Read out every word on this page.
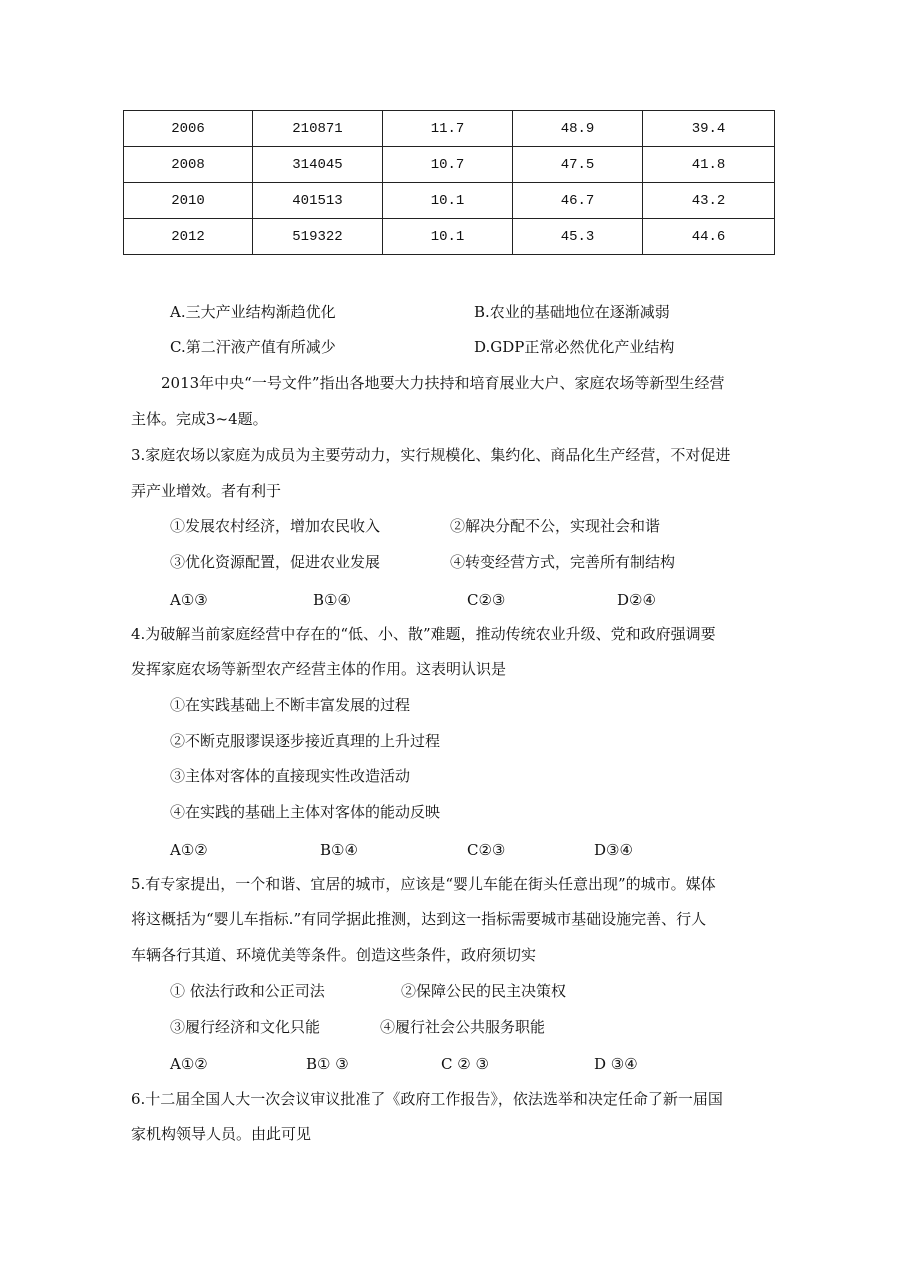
2006	210871	11.7	48.9	39.4
2008	314045	10.7	47.5	41.8
2010	401513	10.1	46.7	43.2
2012	519322	10.1	45.3	44.6
A.三大产业结构渐趋优化	B.农业的基础地位在逐渐减弱
C.第二汗液产值有所减少	D.GDP正常必然优化产业结构
2013年中央“一号文件”指出各地要大力扶持和培育展业大户、家庭农场等新型生经营
主体。完成3~4题。
3.家庭农场以家庭为成员为主要劳动力，实行规模化、集约化、商品化生产经营，不对促进
弄产业增效。者有利于
①发展农村经济，增加农民收入	②解决分配不公，实现社会和谐
③优化资源配置，促进农业发展	④转变经营方式，完善所有制结构
A①③	B①④	C②③	D②④
4.为破解当前家庭经营中存在的“低、小、散”难题，推动传统农业升级、党和政府强调要
发挥家庭农场等新型农产经营主体的作用。这表明认识是
①在实践基础上不断丰富发展的过程
②不断克服谬误逐步接近真理的上升过程
③主体对客体的直接现实性改造活动
④在实践的基础上主体对客体的能动反映
A①②	B①④	C②③	D③④
5.有专家提出，一个和谐、宜居的城市，应该是“婴儿车能在街头任意出现”的城市。媒体
将这概括为“婴儿车指标.”有同学据此推测，达到这一指标需要城市基础设施完善、行人
车辆各行其道、环境优美等条件。创造这些条件，政府须切实
① 依法行政和公正司法	②保障公民的民主决策权
③履行经济和文化只能	④履行社会公共服务职能
A①②	B① ③	C ② ③	D ③④
6.十二届全国人大一次会议审议批准了《政府工作报告》，依法选举和决定任命了新一届国
家机构领导人员。由此可见
